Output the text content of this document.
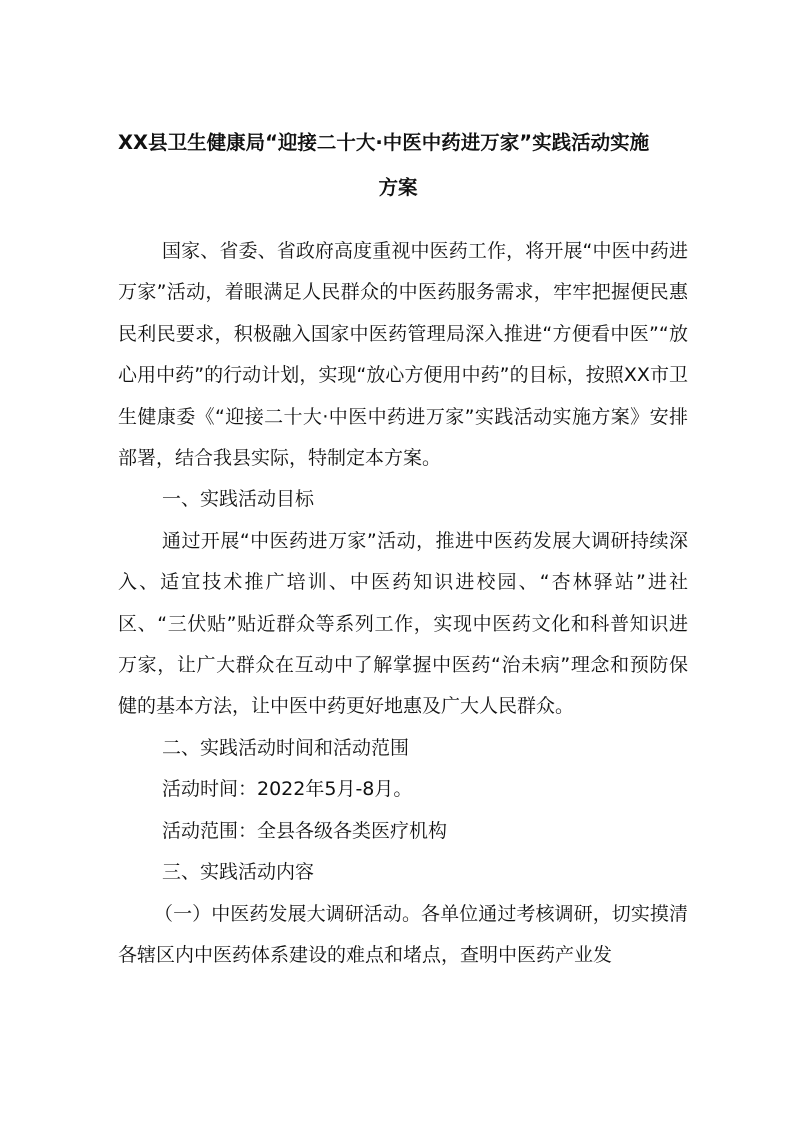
XX县卫生健康局“迎接二十大·中医中药进万家”实践活动实施
方案

国家、省委、省政府高度重视中医药工作，将开展“中医中药进万家”活动，着眼满足人民群众的中医药服务需求，牢牢把握便民惠民利民要求，积极融入国家中医药管理局深入推进“方便看中医”“放心用中药”的行动计划，实现“放心方便用中药”的目标，按照XX市卫生健康委《“迎接二十大·中医中药进万家”实践活动实施方案》安排部署，结合我县实际，特制定本方案。

一、实践活动目标

通过开展“中医药进万家”活动，推进中医药发展大调研持续深入、适宜技术推广培训、中医药知识进校园、“杏林驿站”进社区、“三伏贴”贴近群众等系列工作，实现中医药文化和科普知识进万家，让广大群众在互动中了解掌握中医药“治未病”理念和预防保健的基本方法，让中医中药更好地惠及广大人民群众。

二、实践活动时间和活动范围

活动时间：2022年5月-8月。

活动范围：全县各级各类医疗机构

三、实践活动内容

（一）中医药发展大调研活动。各单位通过考核调研，切实摸清各辖区内中医药体系建设的难点和堵点，查明中医药产业发
